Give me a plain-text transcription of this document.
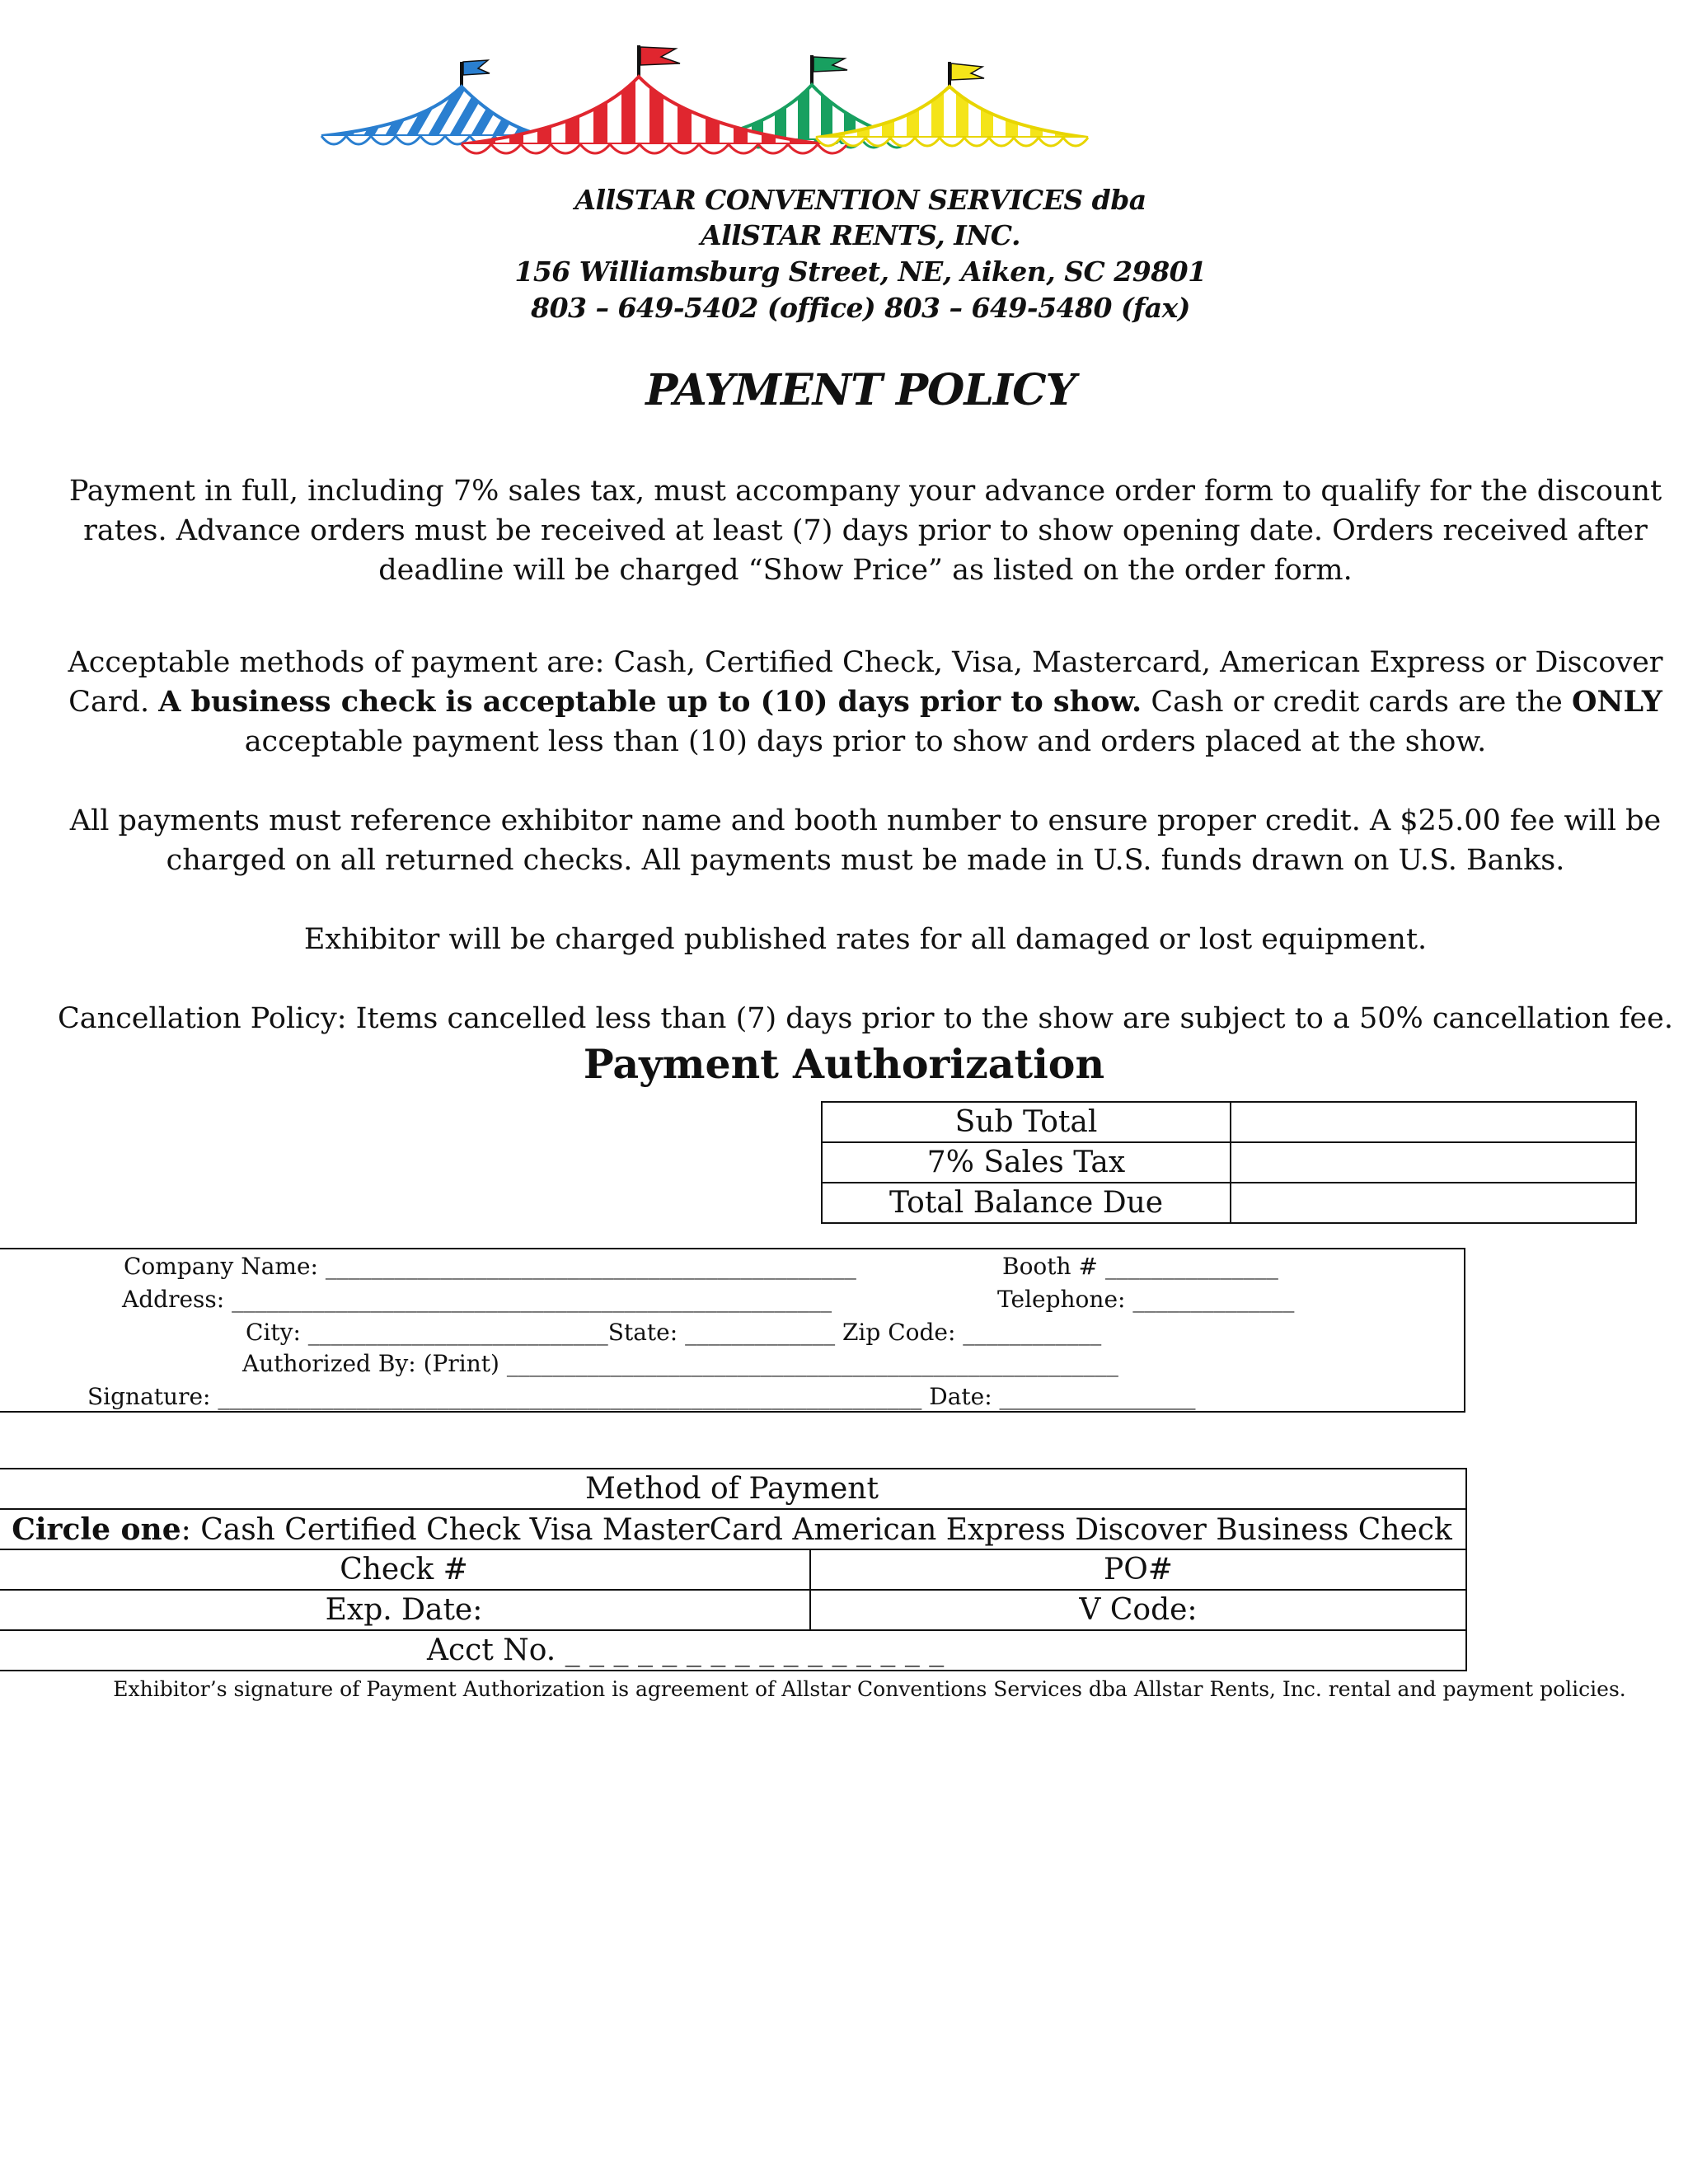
AllSTAR CONVENTION SERVICES dba
AllSTAR RENTS, INC.
156 Williamsburg Street, NE, Aiken, SC 29801
803 – 649-5402 (office) 803 – 649-5480 (fax)
PAYMENT POLICY
Payment in full, including 7% sales tax, must accompany your advance order form to qualify for the discount rates. Advance orders must be received at least (7) days prior to show opening date. Orders received after deadline will be charged “Show Price” as listed on the order form.
Acceptable methods of payment are: Cash, Certified Check, Visa, Mastercard, American Express or Discover Card. A business check is acceptable up to (10) days prior to show. Cash or credit cards are the ONLY acceptable payment less than (10) days prior to show and orders placed at the show.
All payments must reference exhibitor name and booth number to ensure proper credit. A $25.00 fee will be charged on all returned checks. All payments must be made in U.S. funds drawn on U.S. Banks.
Exhibitor will be charged published rates for all damaged or lost equipment.
Cancellation Policy: Items cancelled less than (7) days prior to the show are subject to a 50% cancellation fee.
Payment Authorization
Sub Total	
7% Sales Tax	
Total Balance Due	
Company Name: ______________________________________________	Booth # _______________
Address: ____________________________________________________	Telephone: ______________
City: __________________________State: _____________ Zip Code: ____________
Authorized By: (Print) _____________________________________________________
Signature: _____________________________________________________________ Date: _________________
Method of Payment	
Circle one: Cash Certified Check Visa MasterCard American Express Discover Business Check	
Check #	PO#
Exp. Date:	V Code:
Acct No. _ _ _ _ _ _ _ _ _ _ _ _ _ _ _ _	
Exhibitor’s signature of Payment Authorization is agreement of Allstar Conventions Services dba Allstar Rents, Inc. rental and payment policies.
